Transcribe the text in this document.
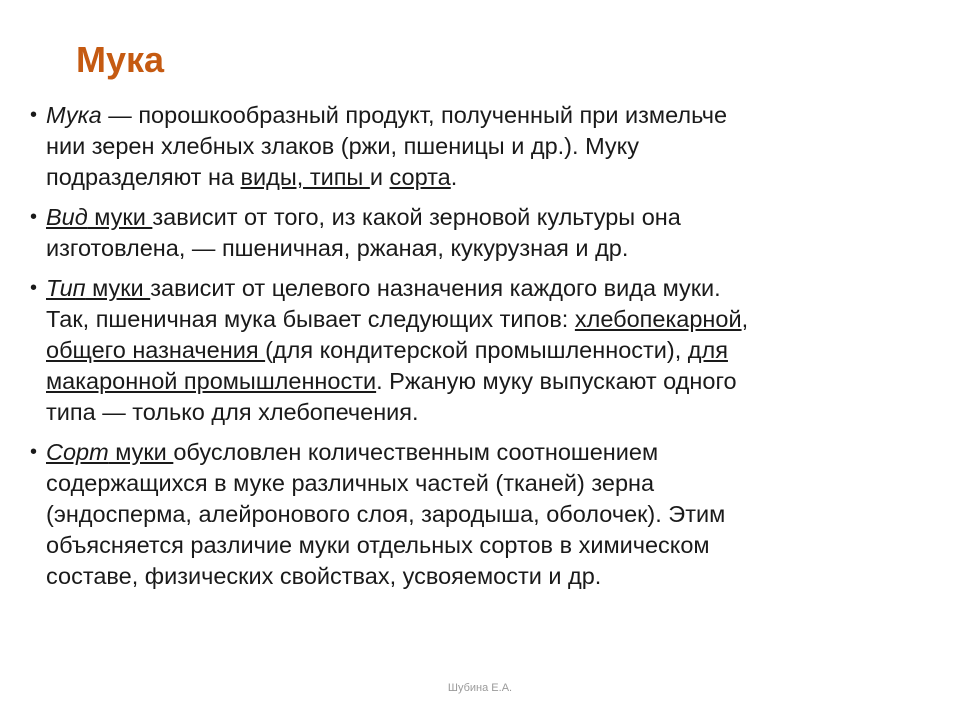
Мука
• Мука — порошкообразный продукт, полученный при измельче
нии зерен хлебных злаков (ржи, пшеницы и др.). Муку
подразделяют на виды, типы и сорта.
• Вид муки зависит от того, из какой зерновой культуры она
изготовлена, — пшеничная, ржаная, кукурузная и др.
• Тип муки зависит от целевого назначения каждого вида муки.
Так, пшеничная мука бывает следующих типов: хлебопекарной,
общего назначения (для кондитерской промышленности), для
макаронной промышленности. Ржаную муку выпускают одного
типа — только для хлебопечения.
• Сорт муки обусловлен количественным соотношением
содержащихся в муке различных частей (тканей) зерна
(эндосперма, алейронового слоя, зародыша, оболочек). Этим
объясняется различие муки отдельных сортов в химическом
составе, физических свойствах, усвояемости и др.
Шубина Е.А.
